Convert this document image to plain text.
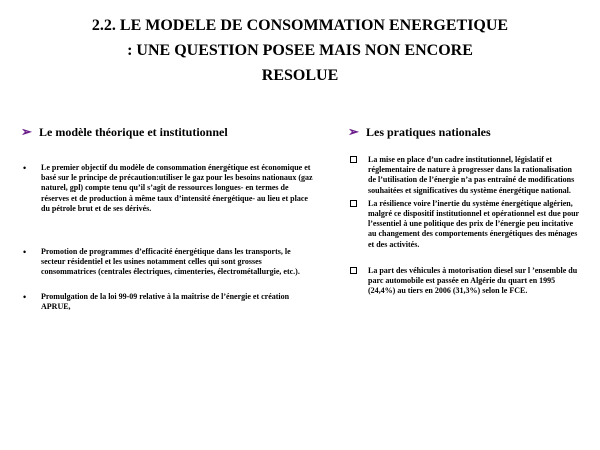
2.2. LE MODELE DE CONSOMMATION ENERGETIQUE
: UNE QUESTION POSEE MAIS NON ENCORE
RESOLUE
➢ Le modèle théorique et institutionnel
• Le premier objectif du modèle de consommation énergétique est économique et basé sur le principe de précaution:utiliser le gaz pour les besoins nationaux (gaz naturel, gpl) compte tenu qu’il s’agit de ressources longues- en termes de réserves et de production à même taux d’intensité énergétique- au lieu et place du pétrole brut et de ses dérivés.
• Promotion de programmes d’efficacité énergétique dans les transports, le secteur résidentiel et les usines notamment celles qui sont grosses consommatrices (centrales électriques, cimenteries, électrométallurgie, etc.).
• Promulgation de la loi 99-09 relative à la maîtrise de l’énergie et création APRUE,
➢ Les pratiques nationales
La mise en place d’un cadre institutionnel, législatif et réglementaire de nature à progresser dans la rationalisation de l’utilisation de l’énergie n’a pas entraîné de modifications souhaitées et significatives du système énergétique national.
La résilience voire l’inertie du système énergétique algérien, malgré ce dispositif institutionnel et opérationnel est due pour l’essentiel à une politique des prix de l’énergie peu incitative au changement des comportements énergétiques des ménages et des activités.
La part des véhicules à motorisation diesel sur l ’ensemble du parc automobile est passée en Algérie du quart en 1995 (24,4%) au tiers en 2006 (31,3%) selon le FCE.
